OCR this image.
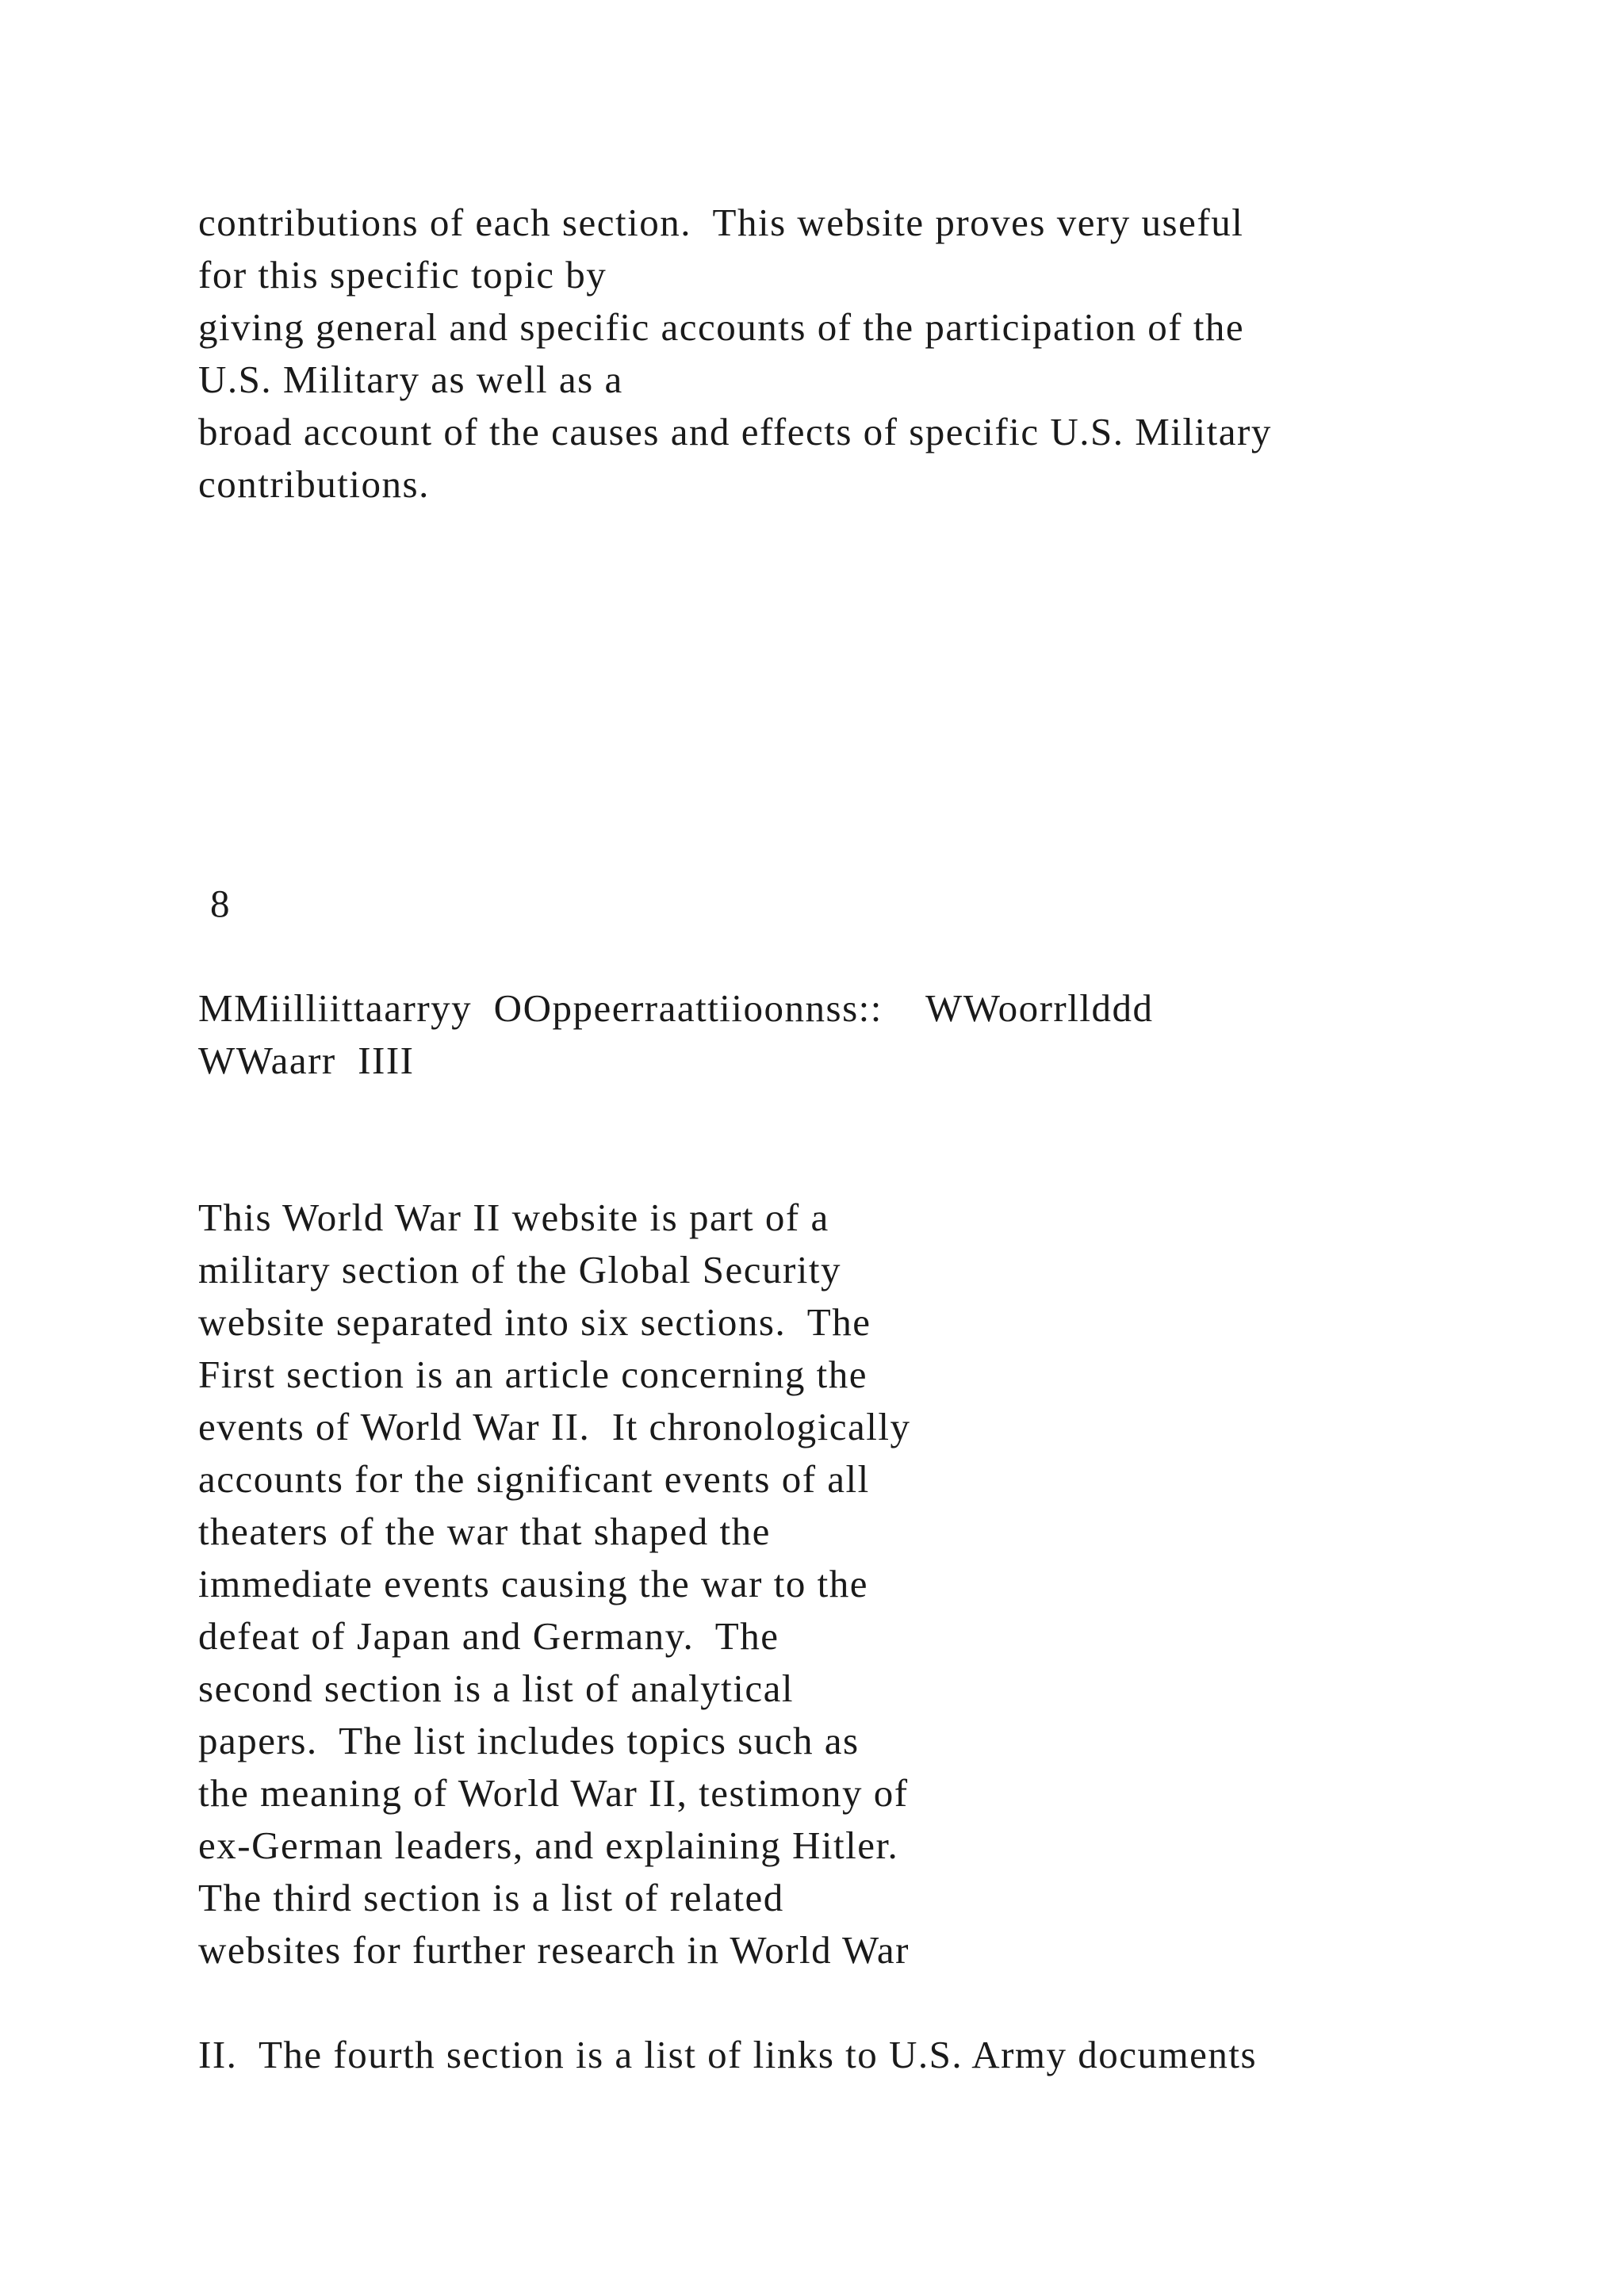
contributions of each section.  This website proves very useful
for this specific topic by
giving general and specific accounts of the participation of the
U.S. Military as well as a
broad account of the causes and effects of specific U.S. Military
contributions.
8
MMiilliittaarryy  OOppeerraattiioonnss::    WWoorrllddd
WWaarr  IIII
This World War II website is part of a
military section of the Global Security
website separated into six sections.  The
First section is an article concerning the
events of World War II.  It chronologically
accounts for the significant events of all
theaters of the war that shaped the
immediate events causing the war to the
defeat of Japan and Germany.  The
second section is a list of analytical
papers.  The list includes topics such as
the meaning of World War II, testimony of
ex-German leaders, and explaining Hitler.
The third section is a list of related
websites for further research in World War
II.  The fourth section is a list of links to U.S. Army documents
